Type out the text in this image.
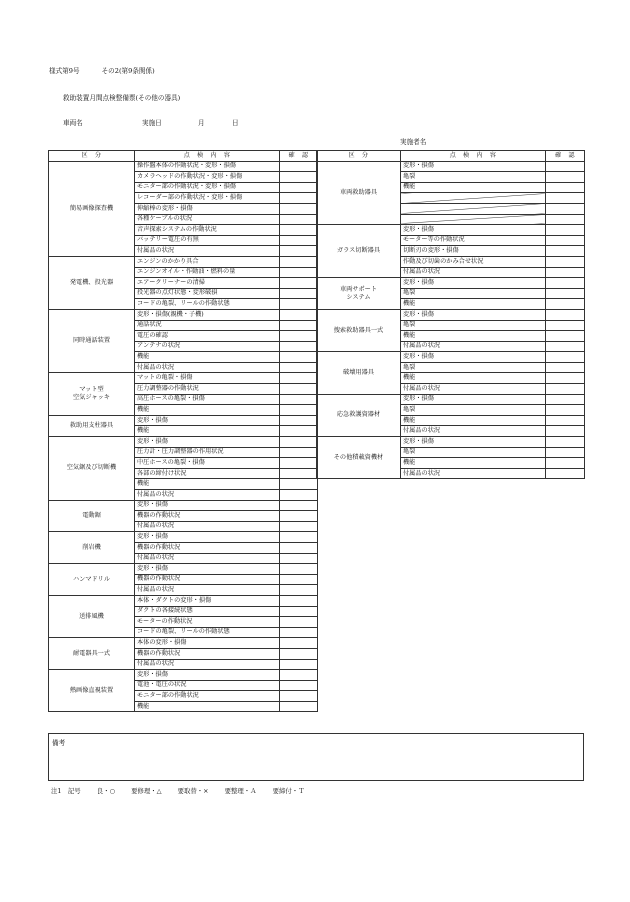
様式第9号	その2(第9条関係)
救助装置月間点検整備票(その他の器具)
車両名	実施日	月	日
実施者名
区　分	点　検　内　容	確　認
簡易画像探査機	操作盤本体の作動状況・変形・損傷	
	カメラヘッドの作動状況・変形・損傷	
	モニター部の作動状況・変形・損傷	
	レコーダー部の作動状況・変形・損傷	
	伸縮棒の変形・損傷	
	各種ケーブルの状況	
	音声探索システムの作動状況	
	バッテリー電圧の有無	
	付属品の状況	
発電機、投光器	エンジンのかかり具合	
	エンジンオイル・作動油・燃料の量	
	エアークリーナーの清掃	
	投光器の点灯状態・変形破損	
	コードの亀裂、リールの作動状態	
同時通話装置	変形・損傷(親機・子機)	
	通話状況	
	電圧の確認	
	アンテナの状況	
	機能	
	付属品の状況	
マット型
空気ジャッキ	マットの亀裂・損傷	
	圧力調整器の作動状況	
	高圧ホースの亀裂・損傷	
	機能	
救助用支柱器具	変形・損傷	
	機能	
空気鋸及び切断機	変形・損傷	
	圧力計・圧力調整器の作用状況	
	中圧ホースの亀裂・損傷	
	各部の締付け状況	
	機能	
	付属品の状況	
電動鋸	変形・損傷	
	機器の作動状況	
	付属品の状況	
削岩機	変形・損傷	
	機器の作動状況	
	付属品の状況	
ハンマドリル	変形・損傷	
	機器の作動状況	
	付属品の状況	
送排風機	本体・ダクトの変形・損傷	
	ダクトの各接続状態	
	モーターの作動状況	
	コードの亀裂、リールの作動状態	
耐電器具一式	本体の変形・損傷	
	機器の作動状況	
	付属品の状況	
熱画像直視装置	変形・損傷	
	電池・電圧の状況	
	モニター部の作動状況	
	機能	
区　分	点　検　内　容	確　認
車両救助器具	変形・損傷	
	亀裂	
	機能	

ガラス切断器具	変形・損傷	
	モーター等の作動状況	
	切断刃の変形・損傷	
	作動及び切歯のかみ合せ状況	
	付属品の状況	
車両サポート
システム	変形・損傷	
	亀裂	
	機能	
捜索救助器具一式	変形・損傷	
	亀裂	
	機能	
	付属品の状況	
破壊用器具	変形・損傷	
	亀裂	
	機能	
	付属品の状況	
応急救護資器材	変形・損傷	
	亀裂	
	機能	
	付属品の状況	
その他積載資機材	変形・損傷	
	亀裂	
	機能	
	付属品の状況	
備考
注1　記号	良・○	要修理・△	要取替・×	要整理・Ａ	要締付・Ｔ
